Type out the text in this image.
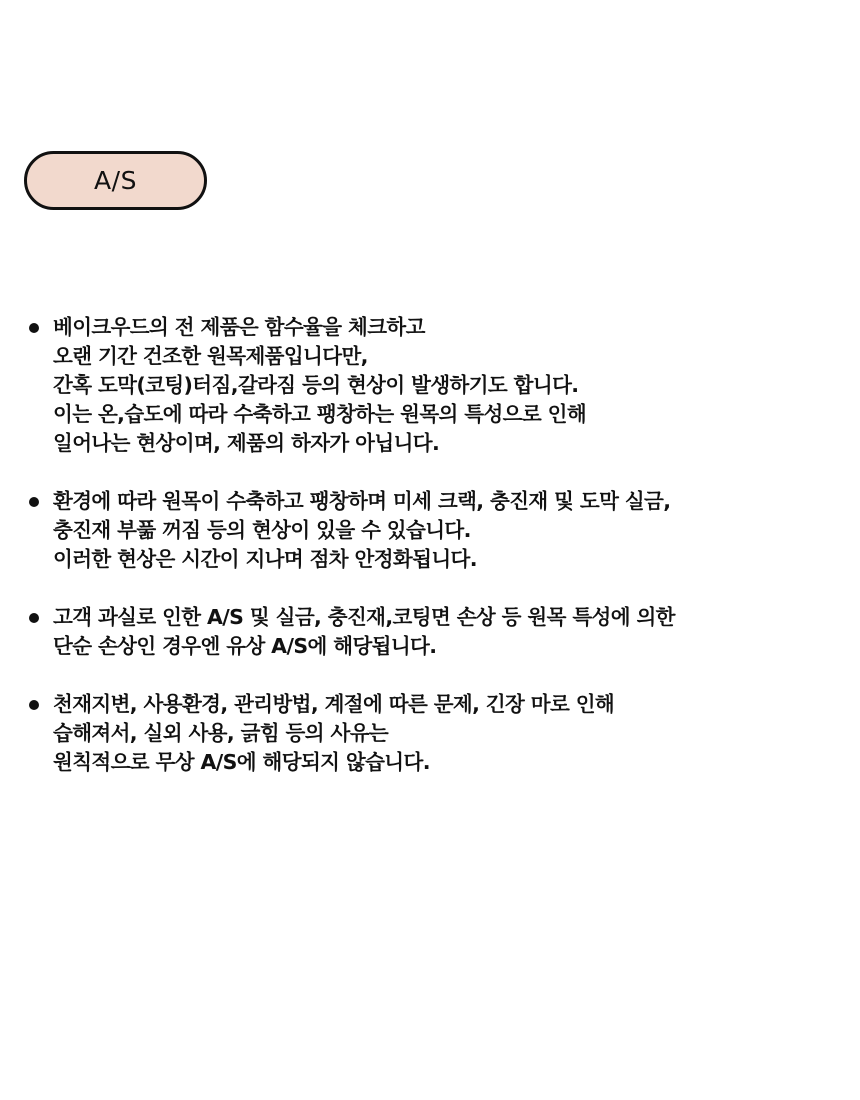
A/S
베이크우드의 전 제품은 함수율을 체크하고
오랜 기간 건조한 원목제품입니다만,
간혹 도막(코팅)터짐,갈라짐 등의 현상이 발생하기도 합니다.
이는 온,습도에 따라 수축하고 팽창하는 원목의 특성으로 인해
일어나는 현상이며, 제품의 하자가 아닙니다.
환경에 따라 원목이 수축하고 팽창하며 미세 크랙, 충진재 및 도막 실금,
충진재 부풂 꺼짐 등의 현상이 있을 수 있습니다.
이러한 현상은 시간이 지나며 점차 안정화됩니다.
고객 과실로 인한 A/S 및 실금, 충진재,코팅면 손상 등 원목 특성에 의한
단순 손상인 경우엔 유상 A/S에 해당됩니다.
천재지변, 사용환경, 관리방법, 계절에 따른 문제, 긴장 마로 인해
습해져서, 실외 사용, 긁힘 등의 사유는
원칙적으로 무상 A/S에 해당되지 않습니다.
